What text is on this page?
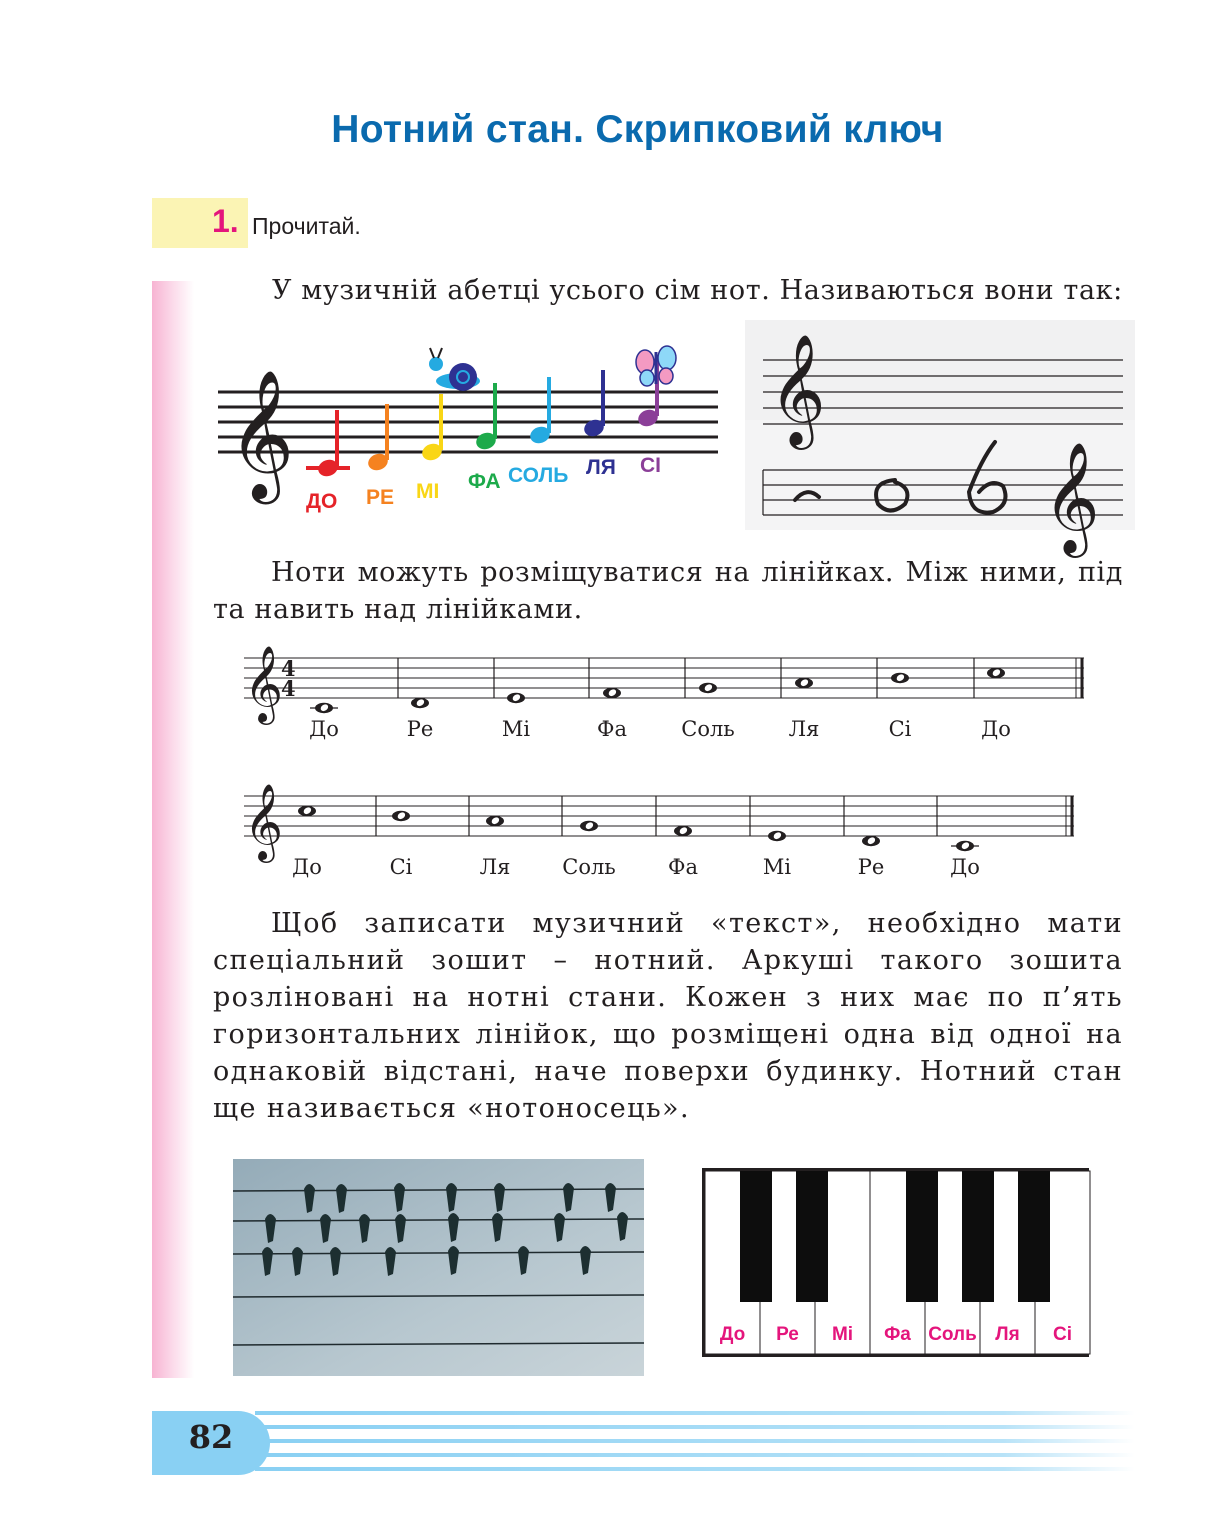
Нотний стан. Скрипковий ключ
1. Прочитай.
У музичній абетці усього сім нот. Називаються вони так:
𝄞
ДО РЕ МІ ФА СОЛЬ ЛЯ СІ
𝄞
𝄞
Ноти можуть розміщуватися на лінійках. Між ними, під та навить над лінійками.
𝄞
4
4
До	Ре	Мі	Фа	Соль	Ля	Сі	До
𝄞
До	Сі	Ля Соль Фа	Мі	Ре	До
Щоб записати музичний «текст», необхідно мати спеціальний зошит – нотний. Аркуші такого зошита розліновані на нотні стани. Кожен з них має по п’ять горизонтальних лінійок, що розміщені одна від одної на однаковій відстані, наче поверхи будинку. Нотний стан ще називається «нотоносець».
До Ре Мі Фа Соль Ля Сі
82
